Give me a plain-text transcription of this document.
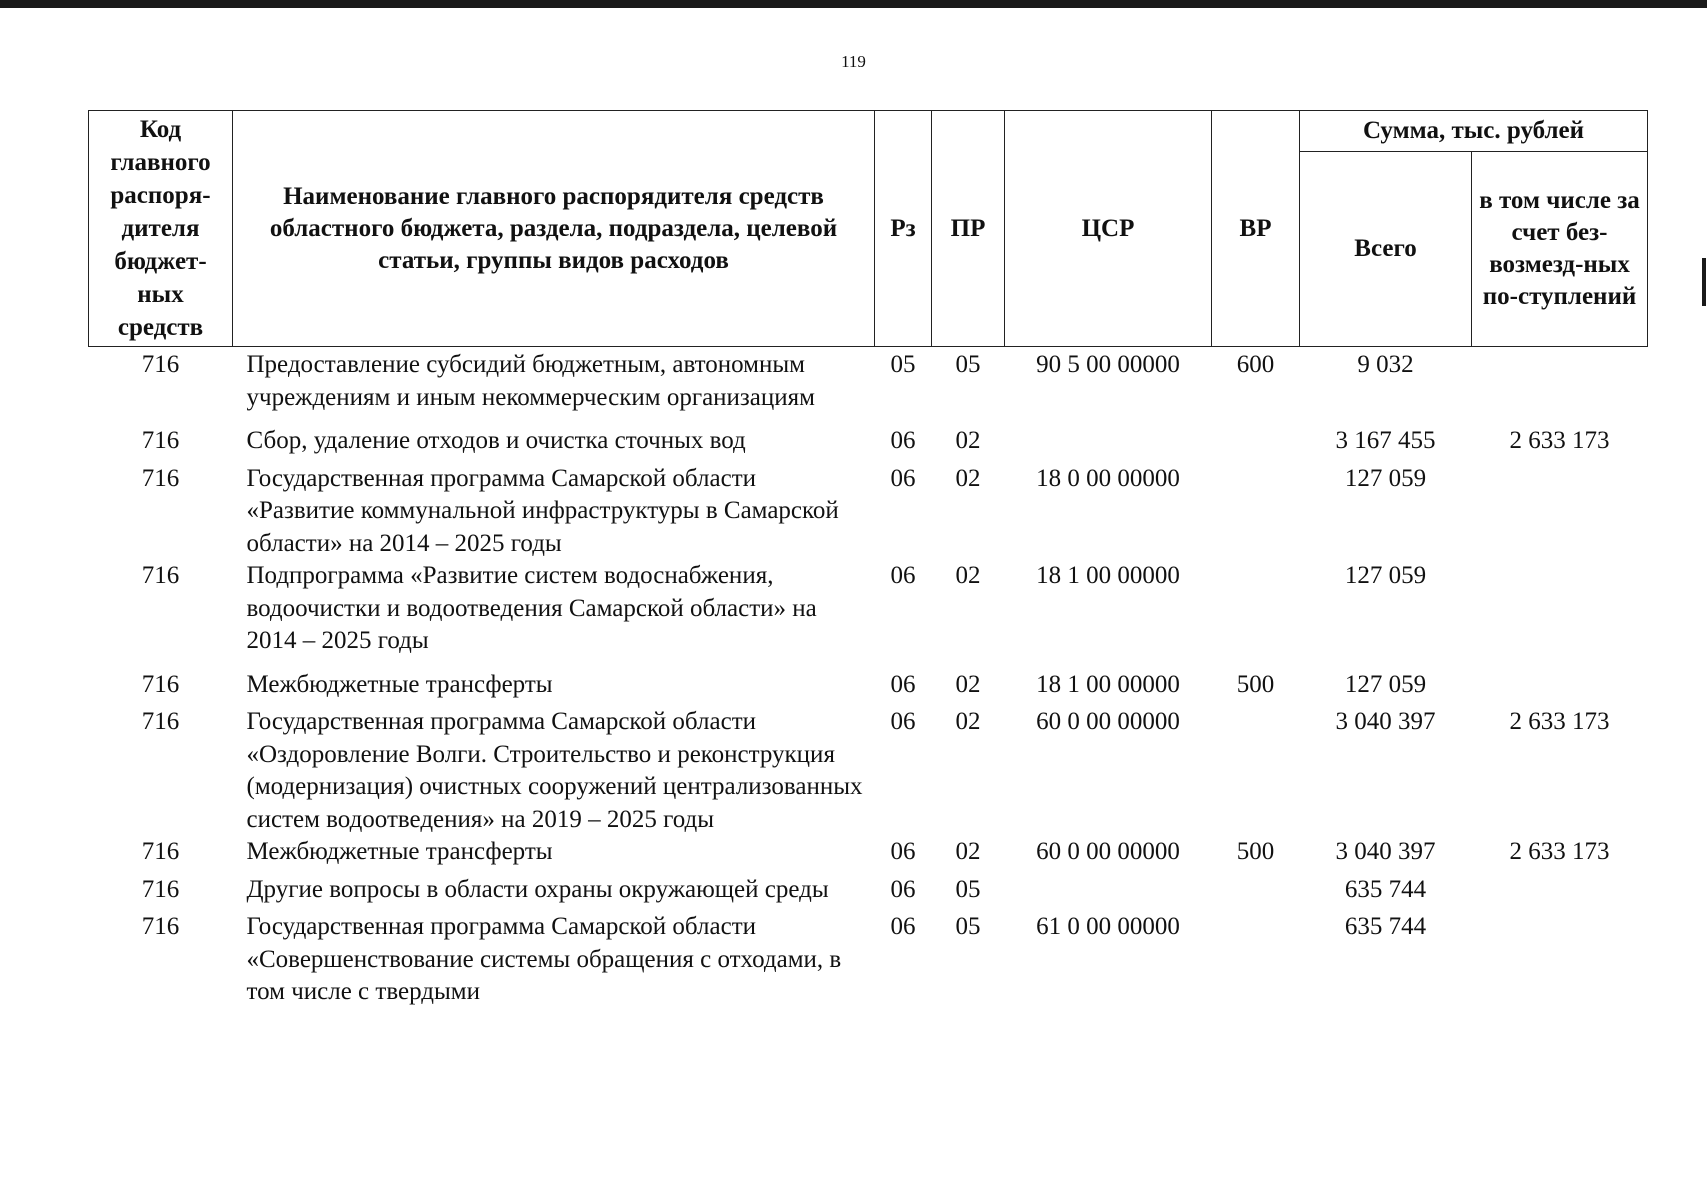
119
Код главного распоря-дителя бюджет-ных средств	Наименование главного распорядителя средств областного бюджета, раздела, подраздела, целевой статьи, группы видов расходов	Рз	ПР	ЦСР	ВР	Сумма, тыс. рублей	
						Всего	в том числе за счет без-возмезд-ных по-ступлений
716	Предоставление субсидий бюджетным, автономным учреждениям и иным некоммерческим организациям	05	05	90 5 00 00000	600	9 032	
716	Сбор, удаление отходов и очистка сточных вод	06	02			3 167 455	2 633 173
716	Государственная программа Самарской области «Развитие коммунальной инфраструктуры в Самарской области» на 2014 – 2025 годы	06	02	18 0 00 00000		127 059	
716	Подпрограмма «Развитие систем водоснабжения, водоочистки и водоотведения Самарской области» на 2014 – 2025 годы	06	02	18 1 00 00000		127 059	
716	Межбюджетные трансферты	06	02	18 1 00 00000	500	127 059	
716	Государственная программа Самарской области «Оздоровление Волги. Строительство и реконструкция (модернизация) очистных сооружений централизованных систем водоотведения» на 2019 – 2025 годы	06	02	60 0 00 00000		3 040 397	2 633 173
716	Межбюджетные трансферты	06	02	60 0 00 00000	500	3 040 397	2 633 173
716	Другие вопросы в области охраны окружающей среды	06	05			635 744	
716	Государственная программа Самарской области «Совершенствование системы обращения с отходами, в том числе с твердыми	06	05	61 0 00 00000		635 744	
